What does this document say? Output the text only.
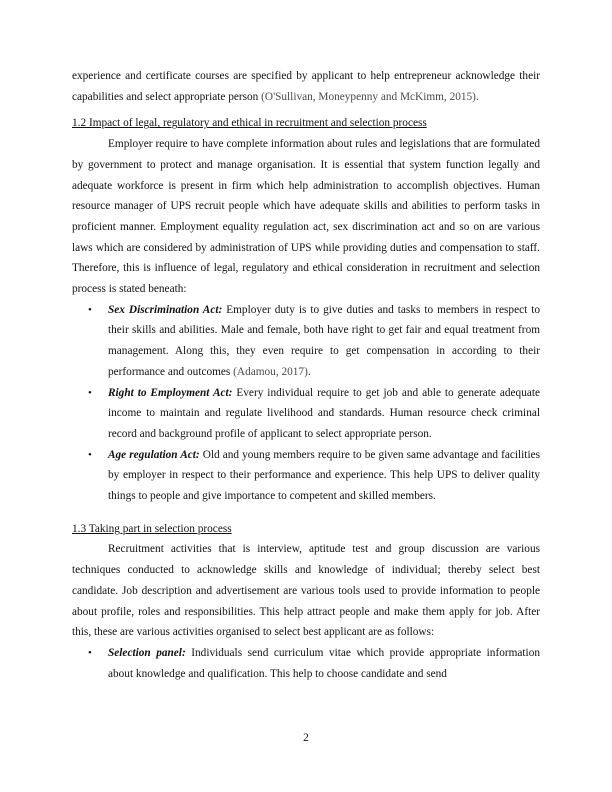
experience and certificate courses are specified by applicant to help entrepreneur acknowledge their capabilities and select appropriate person (O'Sullivan, Moneypenny and McKimm, 2015).

1.2 Impact of legal, regulatory and ethical in recruitment and selection process

Employer require to have complete information about rules and legislations that are formulated by government to protect and manage organisation. It is essential that system function legally and adequate workforce is present in firm which help administration to accomplish objectives. Human resource manager of UPS recruit people which have adequate skills and abilities to perform tasks in proficient manner. Employment equality regulation act, sex discrimination act and so on are various laws which are considered by administration of UPS while providing duties and compensation to staff. Therefore, this is influence of legal, regulatory and ethical consideration in recruitment and selection process is stated beneath:

• Sex Discrimination Act: Employer duty is to give duties and tasks to members in respect to their skills and abilities. Male and female, both have right to get fair and equal treatment from management. Along this, they even require to get compensation in according to their performance and outcomes (Adamou, 2017).
• Right to Employment Act: Every individual require to get job and able to generate adequate income to maintain and regulate livelihood and standards. Human resource check criminal record and background profile of applicant to select appropriate person.
• Age regulation Act: Old and young members require to be given same advantage and facilities by employer in respect to their performance and experience. This help UPS to deliver quality things to people and give importance to competent and skilled members.
1.3 Taking part in selection process

Recruitment activities that is interview, aptitude test and group discussion are various techniques conducted to acknowledge skills and knowledge of individual; thereby select best candidate. Job description and advertisement are various tools used to provide information to people about profile, roles and responsibilities. This help attract people and make them apply for job. After this, these are various activities organised to select best applicant are as follows:

• Selection panel: Individuals send curriculum vitae which provide appropriate information about knowledge and qualification. This help to choose candidate and send
2
